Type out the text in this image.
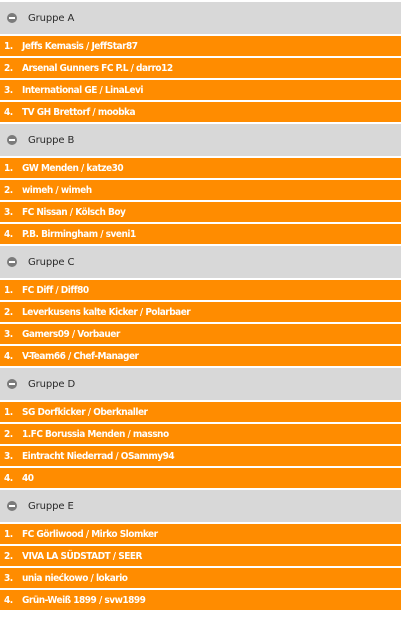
Gruppe A
1. Jeffs Kemasis / JeffStar87
2. Arsenal Gunners FC P.L / darro12
3. International GE / LinaLevi
4. TV GH Brettorf / moobka
Gruppe B
1. GW Menden / katze30
2. wimeh / wimeh
3. FC Nissan / Kölsch Boy
4. P.B. Birmingham / sveni1
Gruppe C
1. FC Diff / Diff80
2. Leverkusens kalte Kicker / Polarbaer
3. Gamers09 / Vorbauer
4. V-Team66 / Chef-Manager
Gruppe D
1. SG Dorfkicker / Oberknaller
2. 1.FC Borussia Menden / massno
3. Eintracht Niederrad / OSammy94
4. 40
Gruppe E
1. FC Görliwood / Mirko Slomker
2. VIVA LA SÜDSTADT / SEER
3. unia niećkowo / lokario
4. Grün-Weiß 1899 / svw1899
